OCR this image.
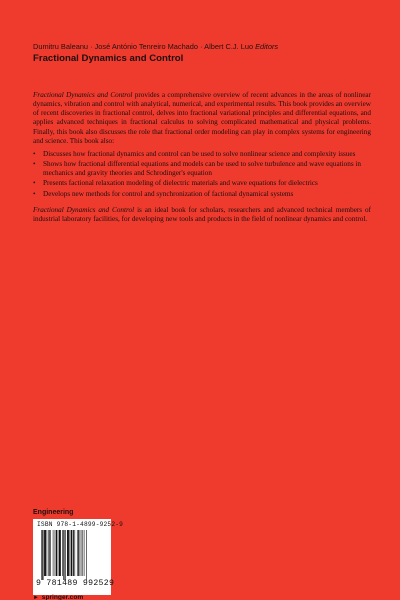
Dumitru Baleanu · José António Tenreiro Machado · Albert C.J. Luo Editors
Fractional Dynamics and Control

Fractional Dynamics and Control provides a comprehensive overview of recent advances in the areas of nonlinear dynamics, vibration and control with analytical, numerical, and experimental results. This book provides an overview of recent discoveries in fractional control, delves into fractional variational principles and differential equations, and applies advanced techniques in fractional calculus to solving complicated mathematical and physical problems. Finally, this book also discusses the role that fractional order modeling can play in complex systems for engineering and science. This book also:

• Discusses how fractional dynamics and control can be used to solve nonlinear science and complexity issues
• Shows how fractional differential equations and models can be used to solve turbulence and wave equations in mechanics and gravity theories and Schrodinger's equation
• Presents factional relaxation modeling of dielectric materials and wave equations for dielectrics
• Develops new methods for control and synchronization of factional dynamical systems

Fractional Dynamics and Control is an ideal book for scholars, researchers and advanced technical members of industrial laboratory facilities, for developing new tools and products in the field of nonlinear dynamics and control.

Engineering
ISBN 978-1-4899-9252-9
9 781489 992529
► springer.com
